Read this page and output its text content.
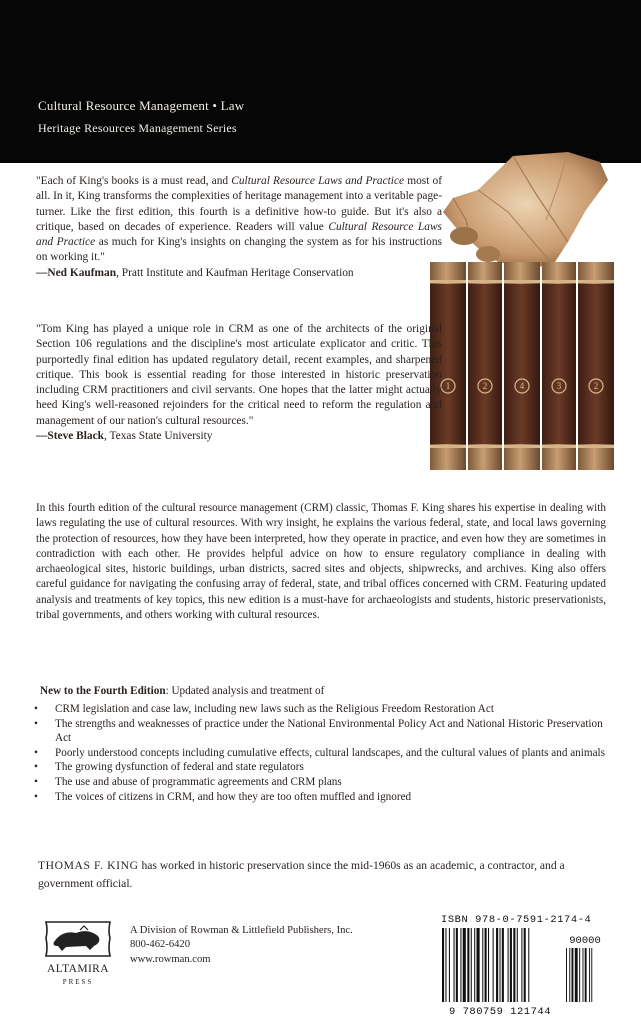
Cultural Resource Management • Law
Heritage Resources Management Series
1	2	4	3	2
"Each of King's books is a must read, and Cultural Resource Laws and Practice most of all. In it, King transforms the complexities of heritage management into a veritable page-turner. Like the first edition, this fourth is a definitive how-to guide. But it's also a critique, based on decades of experience. Readers will value Cultural Resource Laws and Practice as much for King's insights on changing the system as for his instructions on working it."
—Ned Kaufman, Pratt Institute and Kaufman Heritage Conservation
"Tom King has played a unique role in CRM as one of the architects of the original Section 106 regulations and the discipline's most articulate explicator and critic. This purportedly final edition has updated regulatory detail, recent examples, and sharpened critique. This book is essential reading for those interested in historic preservation including CRM practitioners and civil servants. One hopes that the latter might actually heed King's well-reasoned rejoinders for the critical need to reform the regulation and management of our nation's cultural resources."
—Steve Black, Texas State University
In this fourth edition of the cultural resource management (CRM) classic, Thomas F. King shares his expertise in dealing with laws regulating the use of cultural resources. With wry insight, he explains the various federal, state, and local laws governing the protection of resources, how they have been interpreted, how they operate in practice, and even how they are sometimes in contradiction with each other. He provides helpful advice on how to ensure regulatory compliance in dealing with archaeological sites, historic buildings, urban districts, sacred sites and objects, shipwrecks, and archives. King also offers careful guidance for navigating the confusing array of federal, state, and tribal offices concerned with CRM. Featuring updated analysis and treatments of key topics, this new edition is a must-have for archaeologists and students, historic preservationists, tribal governments, and others working with cultural resources.
New to the Fourth Edition: Updated analysis and treatment of
• CRM legislation and case law, including new laws such as the Religious Freedom Restoration Act
• The strengths and weaknesses of practice under the National Environmental Policy Act and National Historic Preservation Act
• Poorly understood concepts including cumulative effects, cultural landscapes, and the cultural values of plants and animals
• The growing dysfunction of federal and state regulators
• The use and abuse of programmatic agreements and CRM plans
• The voices of citizens in CRM, and how they are too often muffled and ignored
THOMAS F. KING has worked in historic preservation since the mid-1960s as an academic, a contractor, and a government official.
ALTAMIRA
PRESS
A Division of Rowman & Littlefield Publishers, Inc.
800-462-6420
www.rowman.com
ISBN 978-0-7591-2174-4
90000
9 780759 121744
